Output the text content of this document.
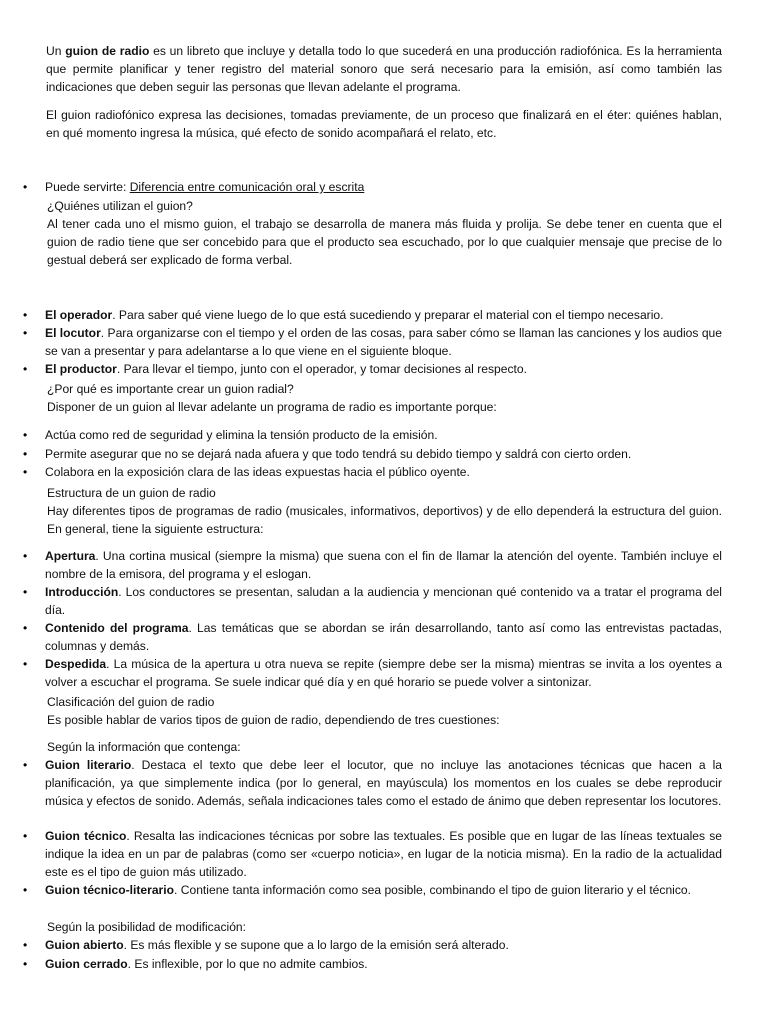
Un guion de radio es un libreto que incluye y detalla todo lo que sucederá en una producción radiofónica. Es la herramienta que permite planificar y tener registro del material sonoro que será necesario para la emisión, así como también las indicaciones que deben seguir las personas que llevan adelante el programa.

El guion radiofónico expresa las decisiones, tomadas previamente, de un proceso que finalizará en el éter: quiénes hablan, en qué momento ingresa la música, qué efecto de sonido acompañará el relato, etc.

• Puede servirte: Diferencia entre comunicación oral y escrita

¿Quiénes utilizan el guion?

Al tener cada uno el mismo guion, el trabajo se desarrolla de manera más fluida y prolija. Se debe tener en cuenta que el guion de radio tiene que ser concebido para que el producto sea escuchado, por lo que cualquier mensaje que precise de lo gestual deberá ser explicado de forma verbal.

• El operador. Para saber qué viene luego de lo que está sucediendo y preparar el material con el tiempo necesario.
• El locutor. Para organizarse con el tiempo y el orden de las cosas, para saber cómo se llaman las canciones y los audios que se van a presentar y para adelantarse a lo que viene en el siguiente bloque.
• El productor. Para llevar el tiempo, junto con el operador, y tomar decisiones al respecto.

¿Por qué es importante crear un guion radial?

Disponer de un guion al llevar adelante un programa de radio es importante porque:

• Actúa como red de seguridad y elimina la tensión producto de la emisión.
• Permite asegurar que no se dejará nada afuera y que todo tendrá su debido tiempo y saldrá con cierto orden.
• Colabora en la exposición clara de las ideas expuestas hacia el público oyente.

Estructura de un guion de radio

Hay diferentes tipos de programas de radio (musicales, informativos, deportivos) y de ello dependerá la estructura del guion. En general, tiene la siguiente estructura:

• Apertura. Una cortina musical (siempre la misma) que suena con el fin de llamar la atención del oyente. También incluye el nombre de la emisora, del programa y el eslogan.
• Introducción. Los conductores se presentan, saludan a la audiencia y mencionan qué contenido va a tratar el programa del día.
• Contenido del programa. Las temáticas que se abordan se irán desarrollando, tanto así como las entrevistas pactadas, columnas y demás.
• Despedida. La música de la apertura u otra nueva se repite (siempre debe ser la misma) mientras se invita a los oyentes a volver a escuchar el programa. Se suele indicar qué día y en qué horario se puede volver a sintonizar.

Clasificación del guion de radio

Es posible hablar de varios tipos de guion de radio, dependiendo de tres cuestiones:

Según la información que contenga:

• Guion literario. Destaca el texto que debe leer el locutor, que no incluye las anotaciones técnicas que hacen a la planificación, ya que simplemente indica (por lo general, en mayúscula) los momentos en los cuales se debe reproducir música y efectos de sonido. Además, señala indicaciones tales como el estado de ánimo que deben representar los locutores.
• Guion técnico. Resalta las indicaciones técnicas por sobre las textuales. Es posible que en lugar de las líneas textuales se indique la idea en un par de palabras (como ser «cuerpo noticia», en lugar de la noticia misma). En la radio de la actualidad este es el tipo de guion más utilizado.
• Guion técnico-literario. Contiene tanta información como sea posible, combinando el tipo de guion literario y el técnico.

Según la posibilidad de modificación:

• Guion abierto. Es más flexible y se supone que a lo largo de la emisión será alterado.
• Guion cerrado. Es inflexible, por lo que no admite cambios.
